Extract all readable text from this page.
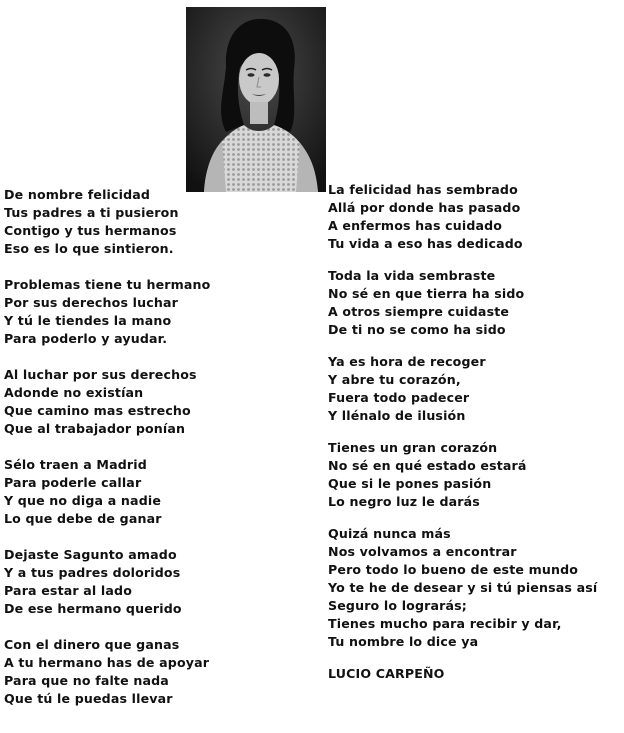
De nombre felicidad
Tus padres a ti pusieron
Contigo y tus hermanos
Eso es lo que sintieron.
Problemas tiene tu hermano
Por sus derechos luchar
Y tú le tiendes la mano
Para poderlo y ayudar.
Al luchar por sus derechos
Adonde no existían
Que camino mas estrecho
Que al trabajador ponían
Sélo traen a Madrid
Para poderle callar
Y que no diga a nadie
Lo que debe de ganar
Dejaste Sagunto amado
Y a tus padres doloridos
Para estar al lado
De ese hermano querido
Con el dinero que ganas
A tu hermano has de apoyar
Para que no falte nada
Que tú le puedas llevar
La felicidad has sembrado
Allá por donde has pasado
A enfermos has cuidado
Tu vida a eso has dedicado
Toda la vida sembraste
No sé en que tierra ha sido
A otros siempre cuidaste
De ti no se como ha sido
Ya es hora de recoger
Y abre tu corazón,
Fuera todo padecer
Y llénalo de ilusión
Tienes un gran corazón
No sé en qué estado estará
Que si le pones pasión
Lo negro luz le darás
Quizá nunca más
Nos volvamos a encontrar
Pero todo lo bueno de este mundo
Yo te he de desear y si tú piensas así
Seguro lo lograrás;
Tienes mucho para recibir y dar,
Tu nombre lo dice ya
LUCIO CARPEÑO
